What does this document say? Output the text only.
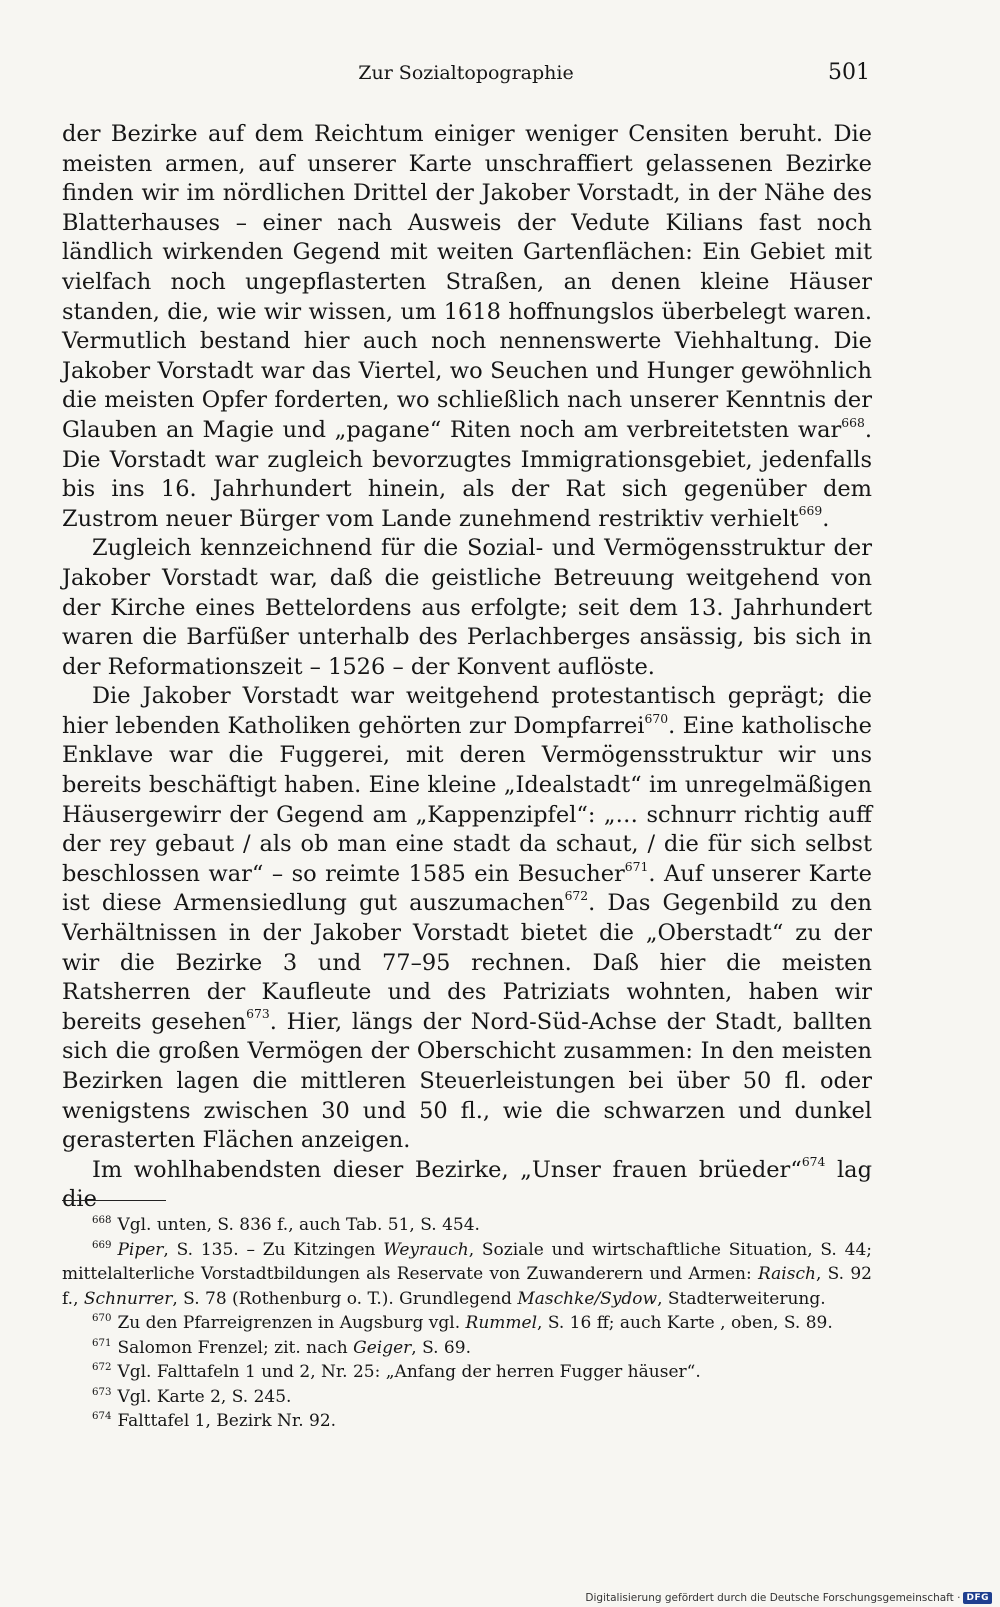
Zur Sozialtopographie	501

der Bezirke auf dem Reichtum einiger weniger Censiten beruht. Die meisten armen, auf unserer Karte unschraffiert gelassenen Bezirke finden wir im nördlichen Drittel der Jakober Vorstadt, in der Nähe des Blatterhauses – einer nach Ausweis der Vedute Kilians fast noch ländlich wirkenden Gegend mit weiten Gartenflächen: Ein Gebiet mit vielfach noch ungepflasterten Straßen, an denen kleine Häuser standen, die, wie wir wissen, um 1618 hoffnungslos überbelegt waren. Vermutlich bestand hier auch noch nennenswerte Viehhaltung. Die Jakober Vorstadt war das Viertel, wo Seuchen und Hunger gewöhnlich die meisten Opfer forderten, wo schließlich nach unserer Kenntnis der Glauben an Magie und „pagane“ Riten noch am verbreitetsten war$^{668}$. Die Vorstadt war zugleich bevorzugtes Immigrationsgebiet, jedenfalls bis ins 16. Jahrhundert hinein, als der Rat sich gegenüber dem Zustrom neuer Bürger vom Lande zunehmend restriktiv verhielt$^{669}$.

Zugleich kennzeichnend für die Sozial- und Vermögensstruktur der Jakober Vorstadt war, daß die geistliche Betreuung weitgehend von der Kirche eines Bettelordens aus erfolgte; seit dem 13. Jahrhundert waren die Barfüßer unterhalb des Perlachberges ansässig, bis sich in der Reformationszeit – 1526 – der Konvent auflöste.

Die Jakober Vorstadt war weitgehend protestantisch geprägt; die hier lebenden Katholiken gehörten zur Dompfarrei$^{670}$. Eine katholische Enklave war die Fuggerei, mit deren Vermögensstruktur wir uns bereits beschäftigt haben. Eine kleine „Idealstadt“ im unregelmäßigen Häusergewirr der Gegend am „Kappenzipfel“: „… schnurr richtig auff der rey gebaut / als ob man eine stadt da schaut, / die für sich selbst beschlossen war“ – so reimte 1585 ein Besucher$^{671}$. Auf unserer Karte ist diese Armensiedlung gut auszumachen$^{672}$. Das Gegenbild zu den Verhältnissen in der Jakober Vorstadt bietet die „Oberstadt“ zu der wir die Bezirke 3 und 77–95 rechnen. Daß hier die meisten Ratsherren der Kaufleute und des Patriziats wohnten, haben wir bereits gesehen$^{673}$. Hier, längs der Nord-Süd-Achse der Stadt, ballten sich die großen Vermögen der Oberschicht zusammen: In den meisten Bezirken lagen die mittleren Steuerleistungen bei über 50 fl. oder wenigstens zwischen 30 und 50 fl., wie die schwarzen und dunkel gerasterten Flächen anzeigen.

Im wohlhabendsten dieser Bezirke, „Unser frauen brüeder“$^{674}$ lag die

$^{668}$ Vgl. unten, S. 836 f., auch Tab. 51, S. 454.

$^{669}$ Piper, S. 135. – Zu Kitzingen Weyrauch, Soziale und wirtschaftliche Situation, S. 44; mittelalterliche Vorstadtbildungen als Reservate von Zuwanderern und Armen: Raisch, S. 92 f., Schnurrer, S. 78 (Rothenburg o. T.). Grundlegend Maschke/Sydow, Stadterweiterung.

$^{670}$ Zu den Pfarreigrenzen in Augsburg vgl. Rummel, S. 16 ff; auch Karte , oben, S. 89.

$^{671}$ Salomon Frenzel; zit. nach Geiger, S. 69.

$^{672}$ Vgl. Falttafeln 1 und 2, Nr. 25: „Anfang der herren Fugger häuser“.

$^{673}$ Vgl. Karte 2, S. 245.

$^{674}$ Falttafel 1, Bezirk Nr. 92.

Digitalisierung gefördert durch die Deutsche Forschungsgemeinschaft · DFG
